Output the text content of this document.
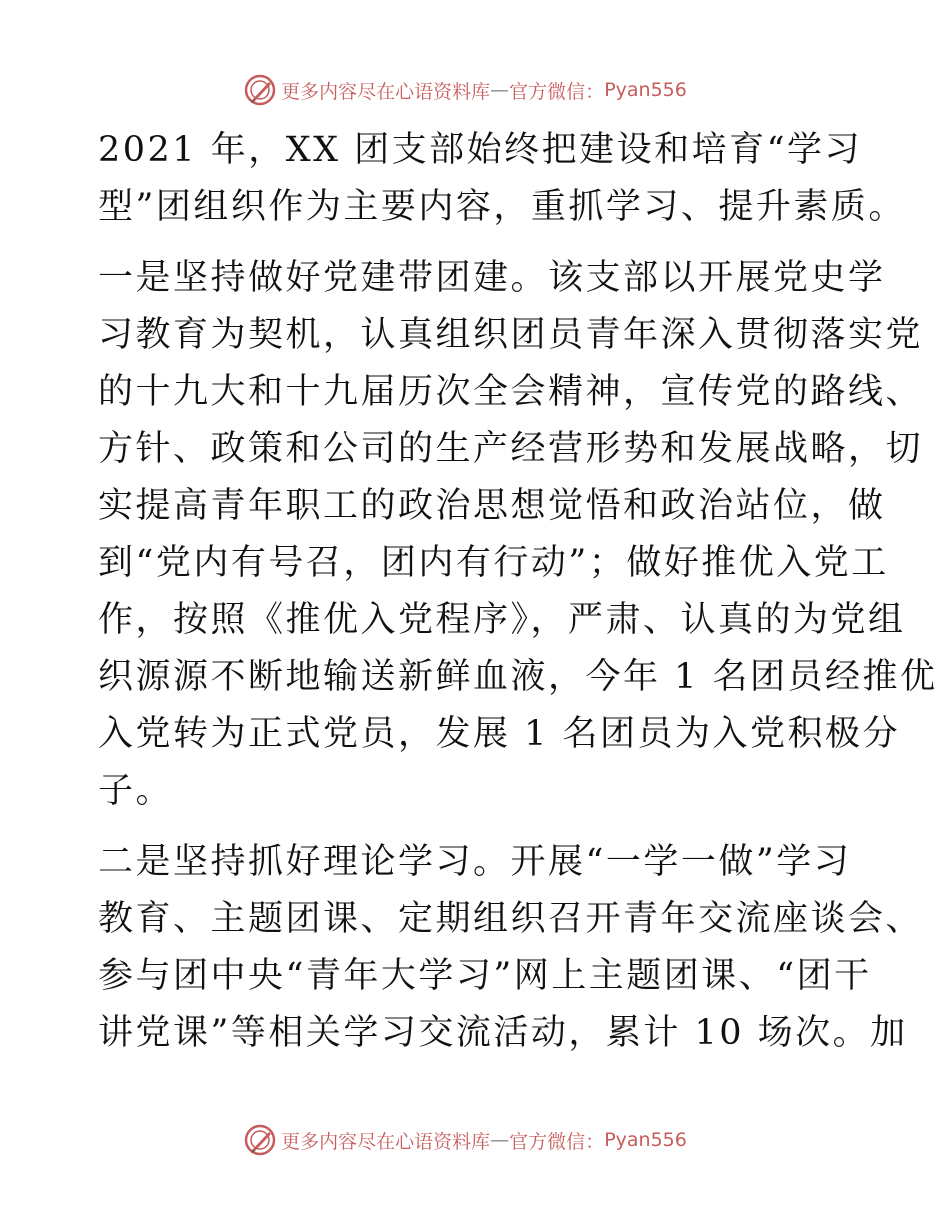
更多内容尽在心语资料库 — 官方微信： Pyan556
2021 年，XX 团支部始终把建设和培育“学习
型”团组织作为主要内容，重抓学习、提升素质。
一是坚持做好党建带团建。该支部以开展党史学
习教育为契机，认真组织团员青年深入贯彻落实党
的十九大和十九届历次全会精神，宣传党的路线、
方针、政策和公司的生产经营形势和发展战略，切
实提高青年职工的政治思想觉悟和政治站位，做
到“党内有号召，团内有行动”；做好推优入党工
作，按照《推优入党程序》，严肃、认真的为党组
织源源不断地输送新鲜血液，今年 1 名团员经推优
入党转为正式党员，发展 1 名团员为入党积极分
子。
二是坚持抓好理论学习。开展“一学一做”学习
教育、主题团课、定期组织召开青年交流座谈会、
参与团中央“青年大学习”网上主题团课、“团干
讲党课”等相关学习交流活动，累计 10 场次。加
更多内容尽在心语资料库 — 官方微信： Pyan556
